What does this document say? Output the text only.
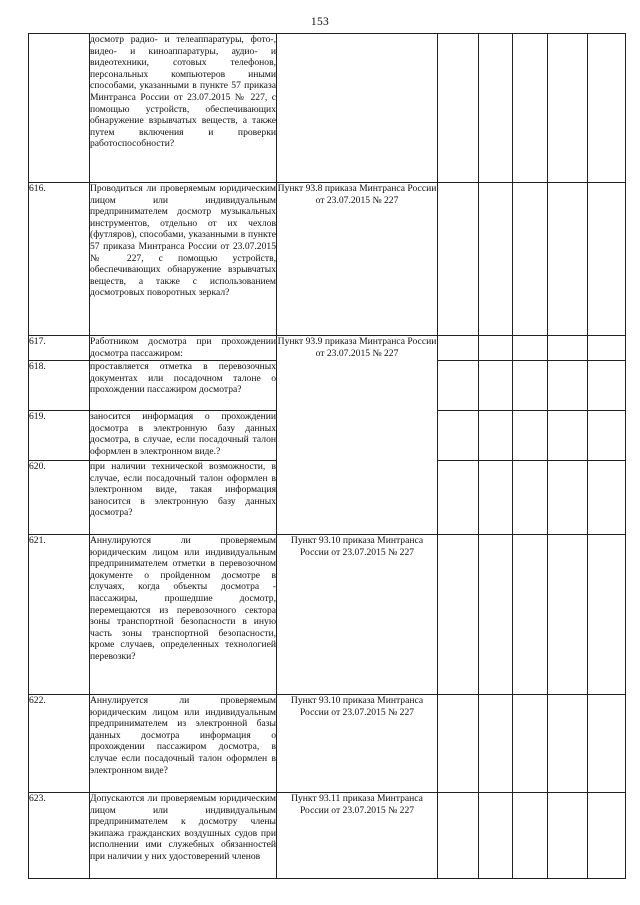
153
	досмотр радио- и телеаппаратуры, фото-, видео- и киноаппаратуры, аудио- и видеотехники, сотовых телефонов, персональных компьютеров иными способами, указанными в пункте 57 приказа Минтранса России от 23.07.2015 № 227, с помощью устройств, обеспечивающих обнаружение взрывчатых веществ, а также путем включения и проверки работоспособности?						
616.	Проводиться ли проверяемым юридическим лицом или индивидуальным предпринимателем досмотр музыкальных инструментов, отдельно от их чехлов (футляров), способами, указанными в пункте 57 приказа Минтранса России от 23.07.2015 № 227, с помощью устройств, обеспечивающих обнаружение взрывчатых веществ, а также с использованием досмотровых поворотных зеркал?	Пункт 93.8 приказа Минтранса России от 23.07.2015 № 227					
617.	Работником досмотра при прохождении досмотра пассажиром:	Пункт 93.9 приказа Минтранса России от 23.07.2015 № 227					
618.	проставляется отметка в перевозочных документах или посадочном талоне о прохождении пассажиром досмотра?						
619.	заносится информация о прохождении досмотра в электронную базу данных досмотра, в случае, если посадочный талон оформлен в электронном виде.?						
620.	при наличии технической возможности, в случае, если посадочный талон оформлен в электронном виде, такая информация заносится в электронную базу данных досмотра?						
621.	Аннулируются ли проверяемым юридическим лицом или индивидуальным предпринимателем отметки в перевозочном документе о пройденном досмотре в случаях, когда объекты досмотра - пассажиры, прошедшие досмотр, перемещаются из перевозочного сектора зоны транспортной безопасности в иную часть зоны транспортной безопасности, кроме случаев, определенных технологией перевозки?	Пункт 93.10 приказа Минтранса России от 23.07.2015 № 227					
622.	Аннулируется ли проверяемым юридическим лицом или индивидуальным предпринимателем из электронной базы данных досмотра информация о прохождении пассажиром досмотра, в случае если посадочный талон оформлен в электронном виде?	Пункт 93.10 приказа Минтранса России от 23.07.2015 № 227					
623.	Допускаются ли проверяемым юридическим лицом или индивидуальным предпринимателем к досмотру члены экипажа гражданских воздушных судов при исполнении ими служебных обязанностей при наличии у них удостоверений членов	Пункт 93.11 приказа Минтранса России от 23.07.2015 № 227					
